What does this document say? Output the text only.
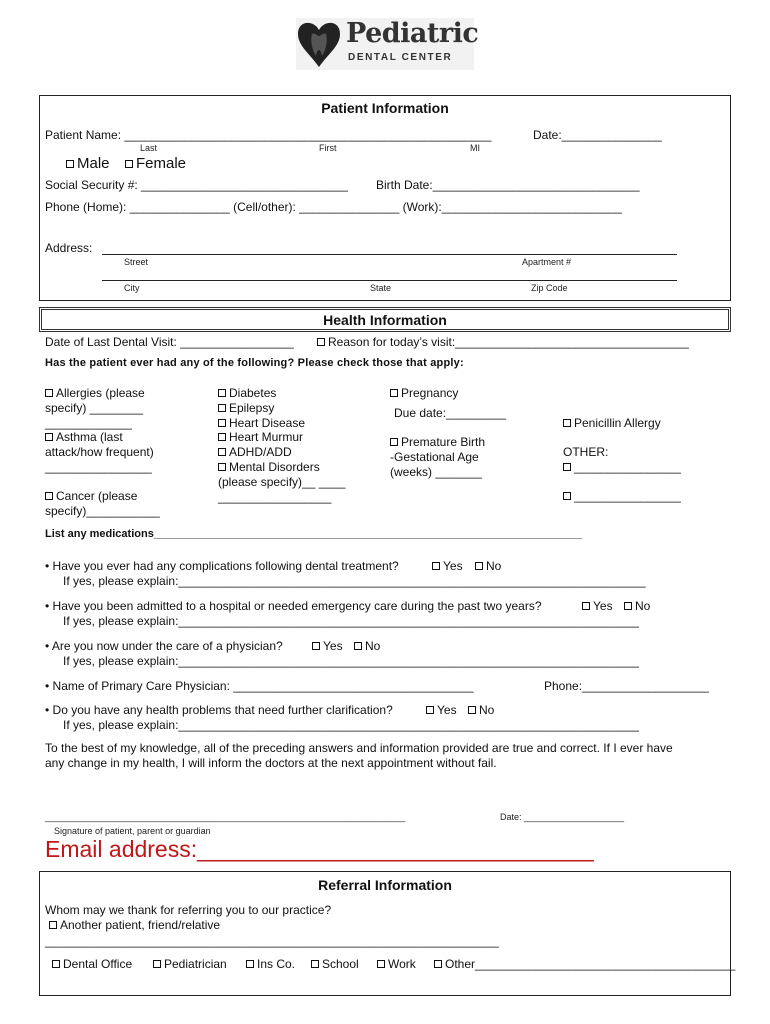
Pediatric
DENTAL CENTER
Patient Information
Patient Name: _______________________________________________________	Date:_______________
Last	First	MI
Male	Female
Social Security #: _______________________________ Birth Date:_______________________________
Phone (Home): _______________ (Cell/other): _______________ (Work):___________________________
Address:
Street	Apartment #
City	State	Zip Code
Health Information
Date of Last Dental Visit: _________________	Reason for today’s visit:___________________________________
Has the patient ever had any of the following? Please check those that apply:
Allergies (please
specify) ________
_____________
Asthma (last
attack/how frequent)
________________
Cancer (please
specify)___________
Diabetes
Epilepsy
Heart Disease
Heart Murmur
ADHD/ADD
Mental Disorders
(please specify)__ ____
_________________
Pregnancy
Due date:_________
Premature Birth
-Gestational Age
(weeks) _______
Penicillin Allergy
OTHER:
________________
________________
List any medications______________________________________________________________________
• Have you ever had any complications following dental treatment?	Yes	No
If yes, please explain:______________________________________________________________________
• Have you been admitted to a hospital or needed emergency care during the past two years?	Yes	No
If yes, please explain:_____________________________________________________________________
• Are you now under the care of a physician?	Yes	No
If yes, please explain:_____________________________________________________________________
• Name of Primary Care Physician: ____________________________________	Phone:___________________
• Do you have any health problems that need further clarification?	Yes	No
If yes, please explain:_____________________________________________________________________
To the best of my knowledge, all of the preceding answers and information provided are true and correct. If I ever have
any change in my health, I will inform the doctors at the next appointment without fail.
________________________________________________________________________	Date: ____________________
Signature of patient, parent or guardian
Email address:_______________________________
Referral Information
Whom may we thank for referring you to our practice?
Another patient, friend/relative
____________________________________________________________________
Dental Office	Pediatrician	Ins Co.	School	Work	Other_______________________________________
